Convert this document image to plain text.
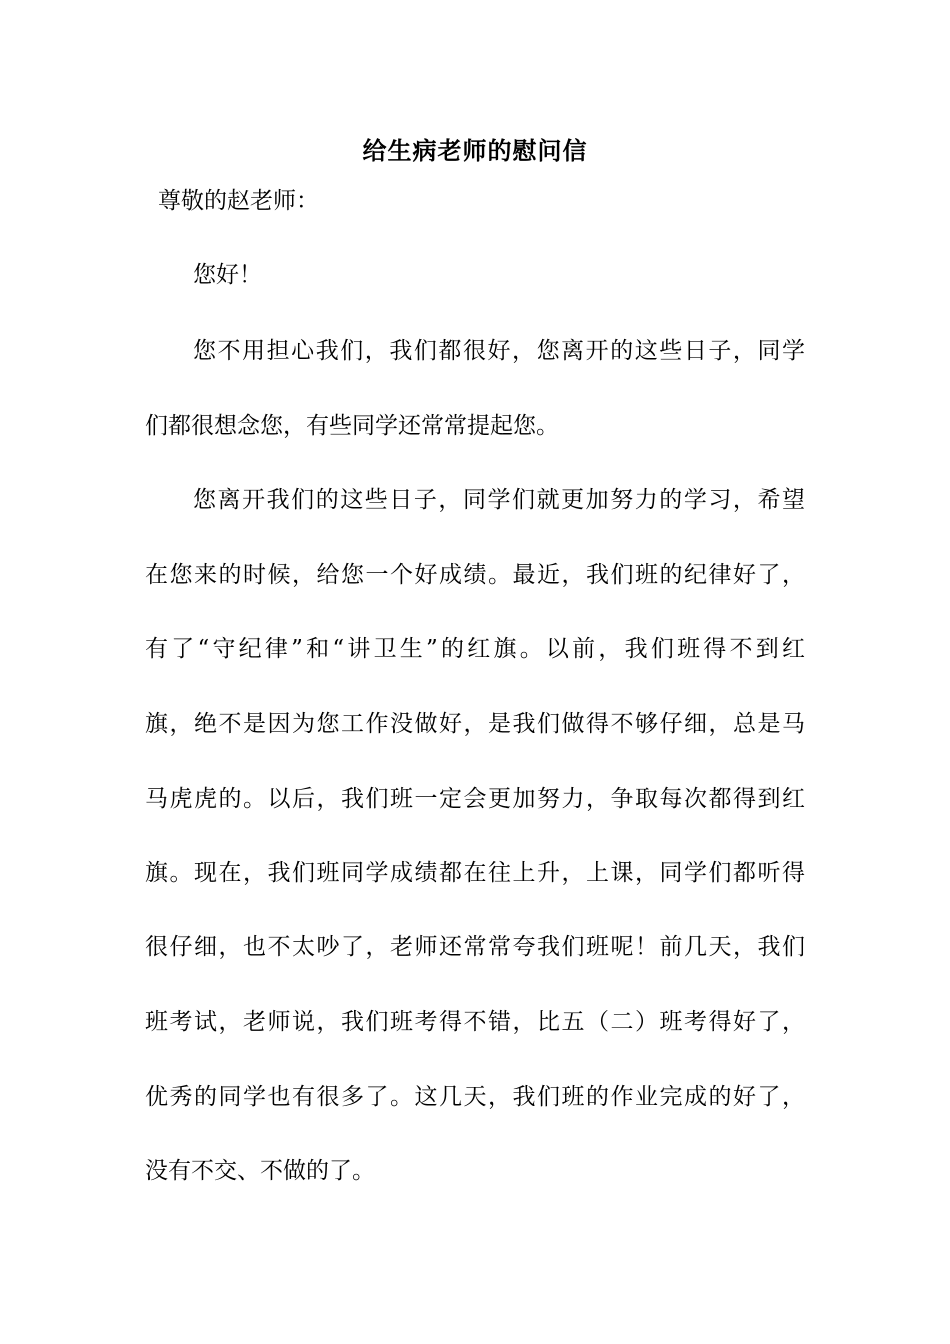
给生病老师的慰问信
尊敬的赵老师：
您好！
您不用担心我们，我们都很好，您离开的这些日子，同学
们都很想念您，有些同学还常常提起您。
您离开我们的这些日子，同学们就更加努力的学习，希望
在您来的时候，给您一个好成绩。最近，我们班的纪律好了，
有了“守纪律”和“讲卫生”的红旗。以前，我们班得不到红
旗，绝不是因为您工作没做好，是我们做得不够仔细，总是马
马虎虎的。以后，我们班一定会更加努力，争取每次都得到红
旗。现在，我们班同学成绩都在往上升，上课，同学们都听得
很仔细，也不太吵了，老师还常常夸我们班呢！前几天，我们
班考试，老师说，我们班考得不错，比五（二）班考得好了，
优秀的同学也有很多了。这几天，我们班的作业完成的好了，
没有不交、不做的了。
